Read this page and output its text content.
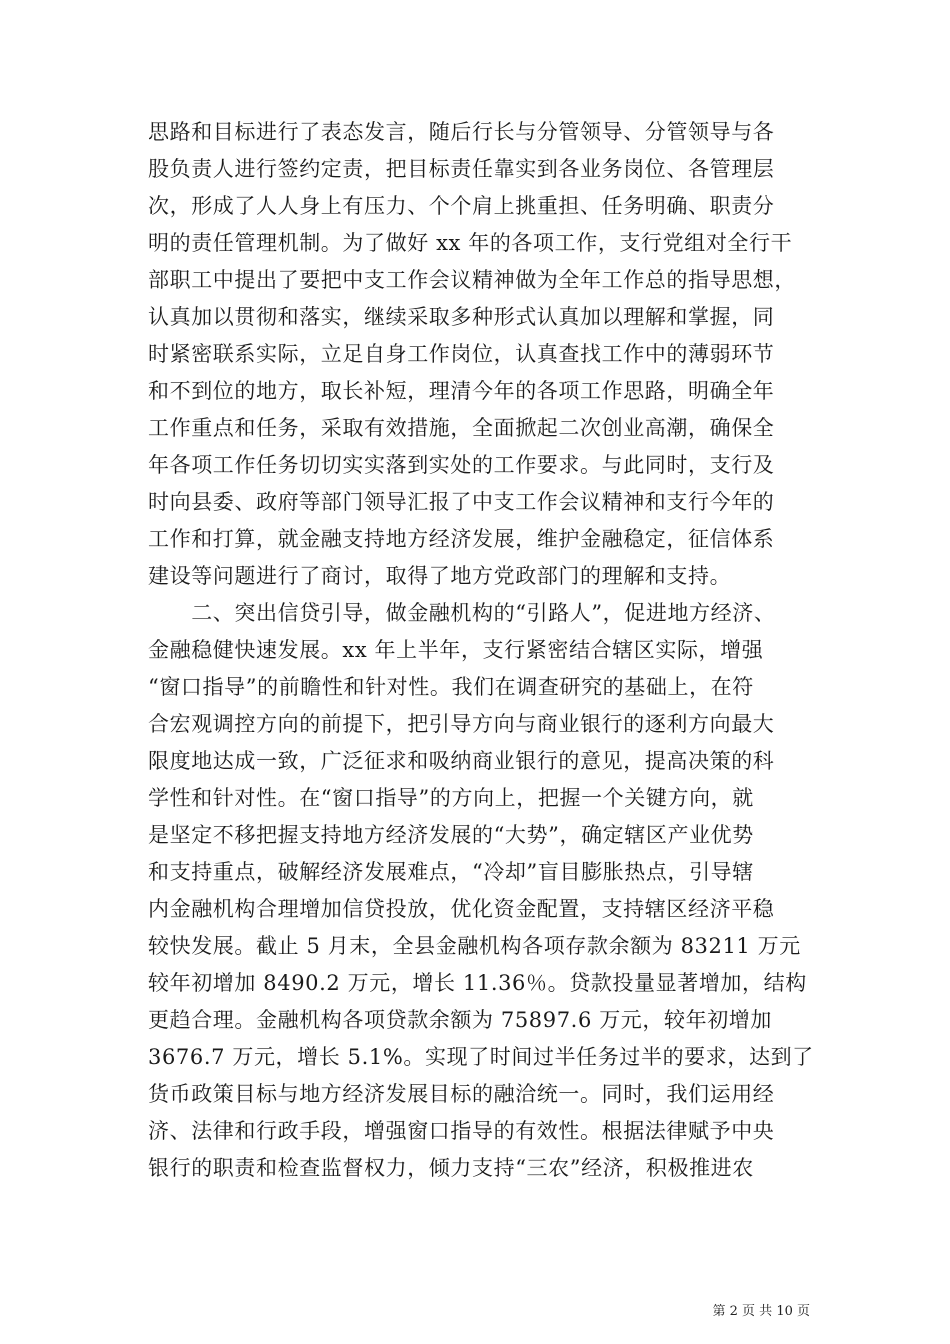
思路和目标进行了表态发言，随后行长与分管领导、分管领导与各
股负责人进行签约定责，把目标责任靠实到各业务岗位、各管理层
次，形成了人人身上有压力、个个肩上挑重担、任务明确、职责分
明的责任管理机制。为了做好 xx 年的各项工作，支行党组对全行干
部职工中提出了要把中支工作会议精神做为全年工作总的指导思想，
认真加以贯彻和落实，继续采取多种形式认真加以理解和掌握，同
时紧密联系实际，立足自身工作岗位，认真查找工作中的薄弱环节
和不到位的地方，取长补短，理清今年的各项工作思路，明确全年
工作重点和任务，采取有效措施，全面掀起二次创业高潮，确保全
年各项工作任务切切实实落到实处的工作要求。与此同时，支行及
时向县委、政府等部门领导汇报了中支工作会议精神和支行今年的
工作和打算，就金融支持地方经济发展，维护金融稳定，征信体系
建设等问题进行了商讨，取得了地方党政部门的理解和支持。
　　二、突出信贷引导，做金融机构的“引路人”，促进地方经济、
金融稳健快速发展。xx 年上半年，支行紧密结合辖区实际，增强
“窗口指导”的前瞻性和针对性。我们在调查研究的基础上，在符
合宏观调控方向的前提下，把引导方向与商业银行的逐利方向最大
限度地达成一致，广泛征求和吸纳商业银行的意见，提高决策的科
学性和针对性。在“窗口指导”的方向上，把握一个关键方向，就
是坚定不移把握支持地方经济发展的“大势”，确定辖区产业优势
和支持重点，破解经济发展难点，“冷却”盲目膨胀热点，引导辖
内金融机构合理增加信贷投放，优化资金配置，支持辖区经济平稳
较快发展。截止 5 月末，全县金融机构各项存款余额为 83211 万元
较年初增加 8490.2 万元，增长 11.36％。贷款投量显著增加，结构
更趋合理。金融机构各项贷款余额为 75897.6 万元，较年初增加
3676.7 万元，增长 5.1%。实现了时间过半任务过半的要求，达到了
货币政策目标与地方经济发展目标的融洽统一。同时，我们运用经
济、法律和行政手段，增强窗口指导的有效性。根据法律赋予中央
银行的职责和检查监督权力，倾力支持“三农”经济，积极推进农
第 2 页 共 10 页
